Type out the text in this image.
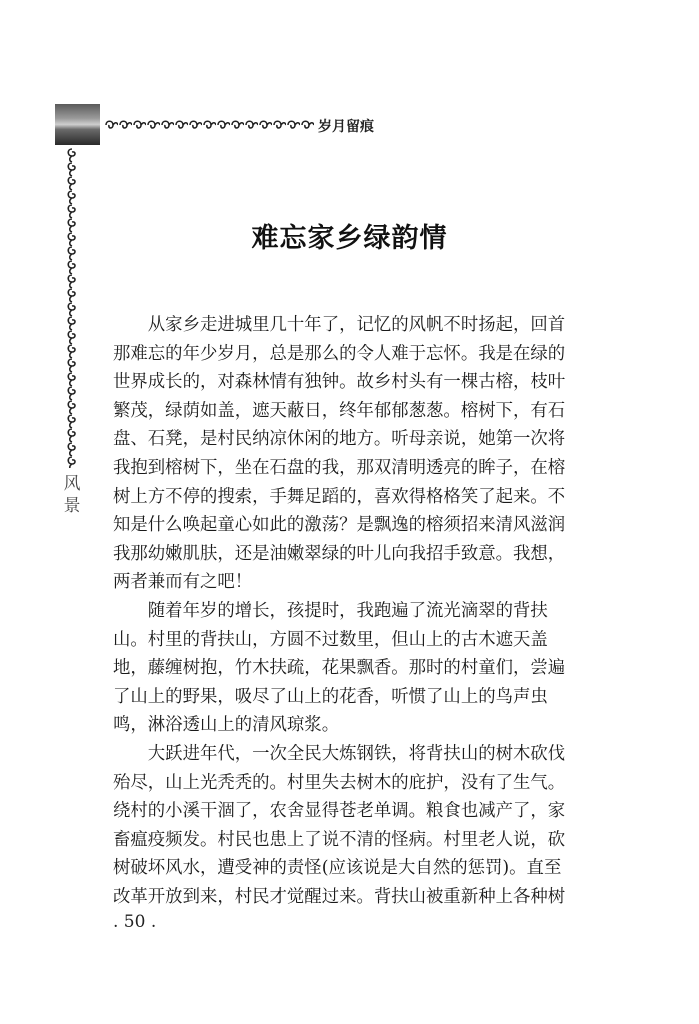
岁月留痕
风
景
难忘家乡绿韵情
　　从家乡走进城里几十年了，记忆的风帆不时扬起，回首
那难忘的年少岁月，总是那么的令人难于忘怀。我是在绿的
世界成长的，对森林情有独钟。故乡村头有一棵古榕，枝叶
繁茂，绿荫如盖，遮天蔽日，终年郁郁葱葱。榕树下，有石
盘、石凳，是村民纳凉休闲的地方。听母亲说，她第一次将
我抱到榕树下，坐在石盘的我，那双清明透亮的眸子，在榕
树上方不停的搜索，手舞足蹈的，喜欢得格格笑了起来。不
知是什么唤起童心如此的激荡？是飘逸的榕须招来清风滋润
我那幼嫩肌肤，还是油嫩翠绿的叶儿向我招手致意。我想，
两者兼而有之吧！
　　随着年岁的增长，孩提时，我跑遍了流光滴翠的背扶
山。村里的背扶山，方圆不过数里，但山上的古木遮天盖
地，藤缠树抱，竹木扶疏，花果飘香。那时的村童们，尝遍
了山上的野果，吸尽了山上的花香，听惯了山上的鸟声虫
鸣，淋浴透山上的清风琼浆。
　　大跃进年代，一次全民大炼钢铁，将背扶山的树木砍伐
殆尽，山上光秃秃的。村里失去树木的庇护，没有了生气。
绕村的小溪干涸了，农舍显得苍老单调。粮食也减产了，家
畜瘟疫频发。村民也患上了说不清的怪病。村里老人说，砍
树破坏风水，遭受神的责怪(应该说是大自然的惩罚)。直至
改革开放到来，村民才觉醒过来。背扶山被重新种上各种树
. 50 .
